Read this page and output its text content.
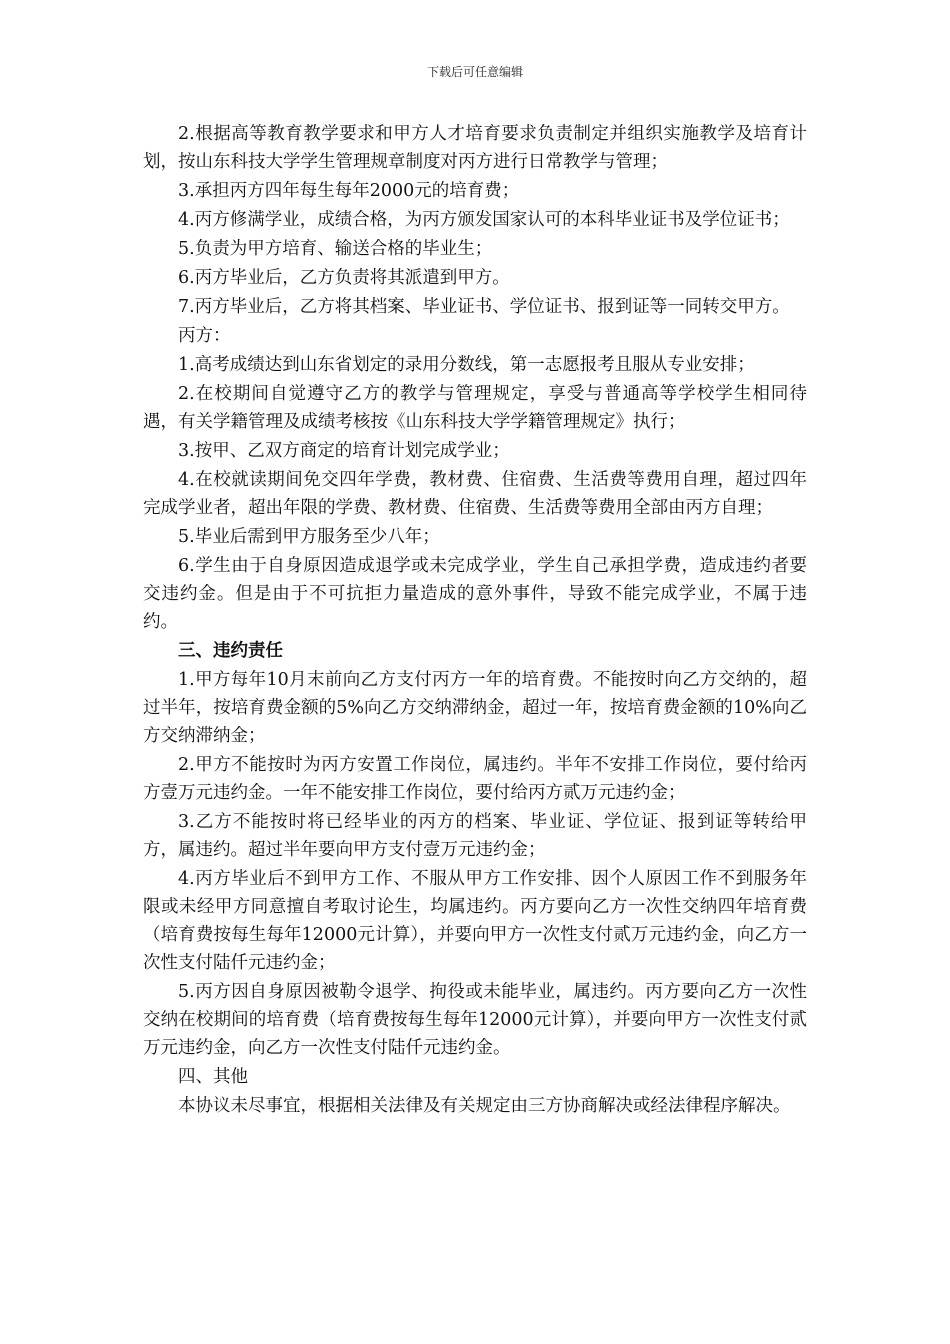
下载后可任意编辑

2.根据高等教育教学要求和甲方人才培育要求负责制定并组织实施教学及培育计划，按山东科技大学学生管理规章制度对丙方进行日常教学与管理；

3.承担丙方四年每生每年2000元的培育费；

4.丙方修满学业，成绩合格，为丙方颁发国家认可的本科毕业证书及学位证书；

5.负责为甲方培育、输送合格的毕业生；

6.丙方毕业后，乙方负责将其派遣到甲方。

7.丙方毕业后，乙方将其档案、毕业证书、学位证书、报到证等一同转交甲方。

丙方：

1.高考成绩达到山东省划定的录用分数线，第一志愿报考且服从专业安排；

2.在校期间自觉遵守乙方的教学与管理规定，享受与普通高等学校学生相同待遇，有关学籍管理及成绩考核按《山东科技大学学籍管理规定》执行；

3.按甲、乙双方商定的培育计划完成学业；

4.在校就读期间免交四年学费，教材费、住宿费、生活费等费用自理，超过四年完成学业者，超出年限的学费、教材费、住宿费、生活费等费用全部由丙方自理；

5.毕业后需到甲方服务至少八年；

6.学生由于自身原因造成退学或未完成学业，学生自己承担学费，造成违约者要交违约金。但是由于不可抗拒力量造成的意外事件，导致不能完成学业，不属于违约。

三、违约责任

1.甲方每年10月末前向乙方支付丙方一年的培育费。不能按时向乙方交纳的，超过半年，按培育费金额的5%向乙方交纳滞纳金，超过一年，按培育费金额的10%向乙方交纳滞纳金；

2.甲方不能按时为丙方安置工作岗位，属违约。半年不安排工作岗位，要付给丙方壹万元违约金。一年不能安排工作岗位，要付给丙方贰万元违约金；

3.乙方不能按时将已经毕业的丙方的档案、毕业证、学位证、报到证等转给甲方，属违约。超过半年要向甲方支付壹万元违约金；

4.丙方毕业后不到甲方工作、不服从甲方工作安排、因个人原因工作不到服务年限或未经甲方同意擅自考取讨论生，均属违约。丙方要向乙方一次性交纳四年培育费（培育费按每生每年12000元计算），并要向甲方一次性支付贰万元违约金，向乙方一次性支付陆仟元违约金；

5.丙方因自身原因被勒令退学、拘役或未能毕业，属违约。丙方要向乙方一次性交纳在校期间的培育费（培育费按每生每年12000元计算），并要向甲方一次性支付贰万元违约金，向乙方一次性支付陆仟元违约金。

四、其他

本协议未尽事宜，根据相关法律及有关规定由三方协商解决或经法律程序解决。
